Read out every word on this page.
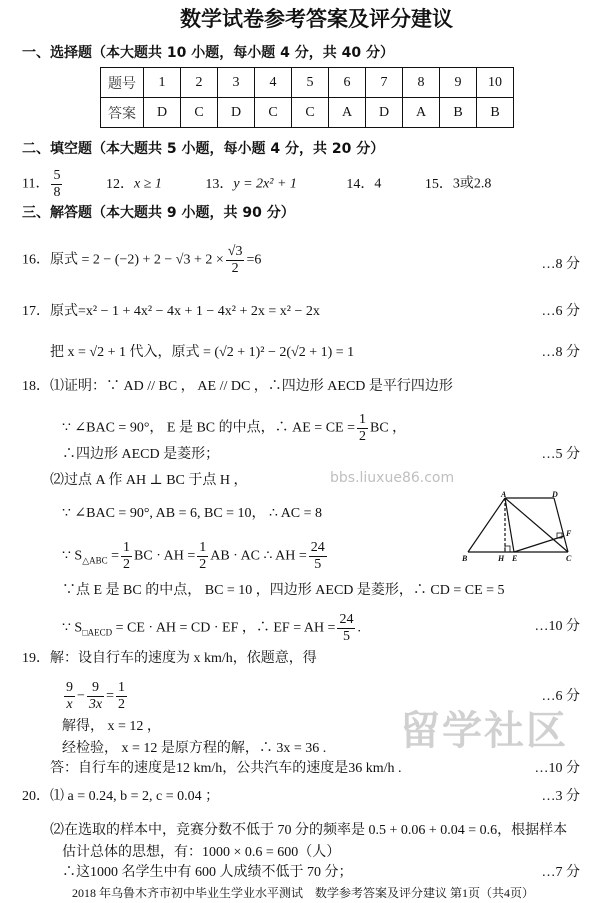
数学试卷参考答案及评分建议
一、选择题（本大题共 10 小题，每小题 4 分，共 40 分）
题号	1	2	3	4	5	6	7	8	9	10
答案	D	C	D	C	C	A	D	A	B	B
二、填空题（本大题共 5 小题，每小题 4 分，共 20 分）
11． $\frac{5}{8}$	12．x ≥ 1	13．y = 2x² + 1	14．4	15．3或2.8
三、解答题（本大题共 9 小题，共 90 分）
16．原式 = $2 - (-2) + 2 - √3 + 2 \times \frac{√3}{2} =6$	…8 分
17．原式=x² − 1 + 4x² − 4x + 1 − 4x² + 2x = x² − 2x	…6 分
把 x = √2 + 1 代入，原式 = (√2 + 1)² − 2(√2 + 1) = 1	…8 分
18．⑴证明：∵ AD // BC ， AE // DC ，∴四边形 AECD 是平行四边形
∵ ∠BAC = 90°， E 是 BC 的中点，∴ AE = CE = $\frac{1}{2}$ BC ，
∴四边形 AECD 是菱形；	…5 分
⑵过点 A 作 AH ⊥ BC 于点 H ，
∵ ∠BAC = 90°, AB = 6, BC = 10， ∴ AC = 8
∵ $S_{\triangle ABC} = \frac{1}{2}$ BC · AH = $\frac{1}{2}$ AB · AC ∴ AH = $\frac{24}{5}$
∵点 E 是 BC 的中点， BC = 10 ，四边形 AECD 是菱形，∴ CD = CE = 5
∵ $S_{□AECD}$ = CE · AH = CD · EF ，∴ EF = AH = $\frac{24}{5}$ .	…10 分
A	D
B	H E	C
F
19．解：设自行车的速度为 x km/h，依题意，得
$\frac{9}{x} - \frac{9}{3x} = \frac{1}{2}$	…6 分
解得， x = 12 ，
经检验， x = 12 是原方程的解，∴ 3x = 36 .
答：自行车的速度是12 km/h，公共汽车的速度是36 km/h .	…10 分
20．⑴ a = 0.24, b = 2, c = 0.04 ；	…3 分
⑵在选取的样本中，竞赛分数不低于 70 分的频率是 0.5 + 0.06 + 0.04 = 0.6，根据样本
估计总体的思想，有：1000 × 0.6 = 600（人）
∴这1000 名学生中有 600 人成绩不低于 70 分；	…7 分
2018 年乌鲁木齐市初中毕业生学业水平测试　数学参考答案及评分建议 第1页（共4页）
留学社区
bbs.liuxue86.com
